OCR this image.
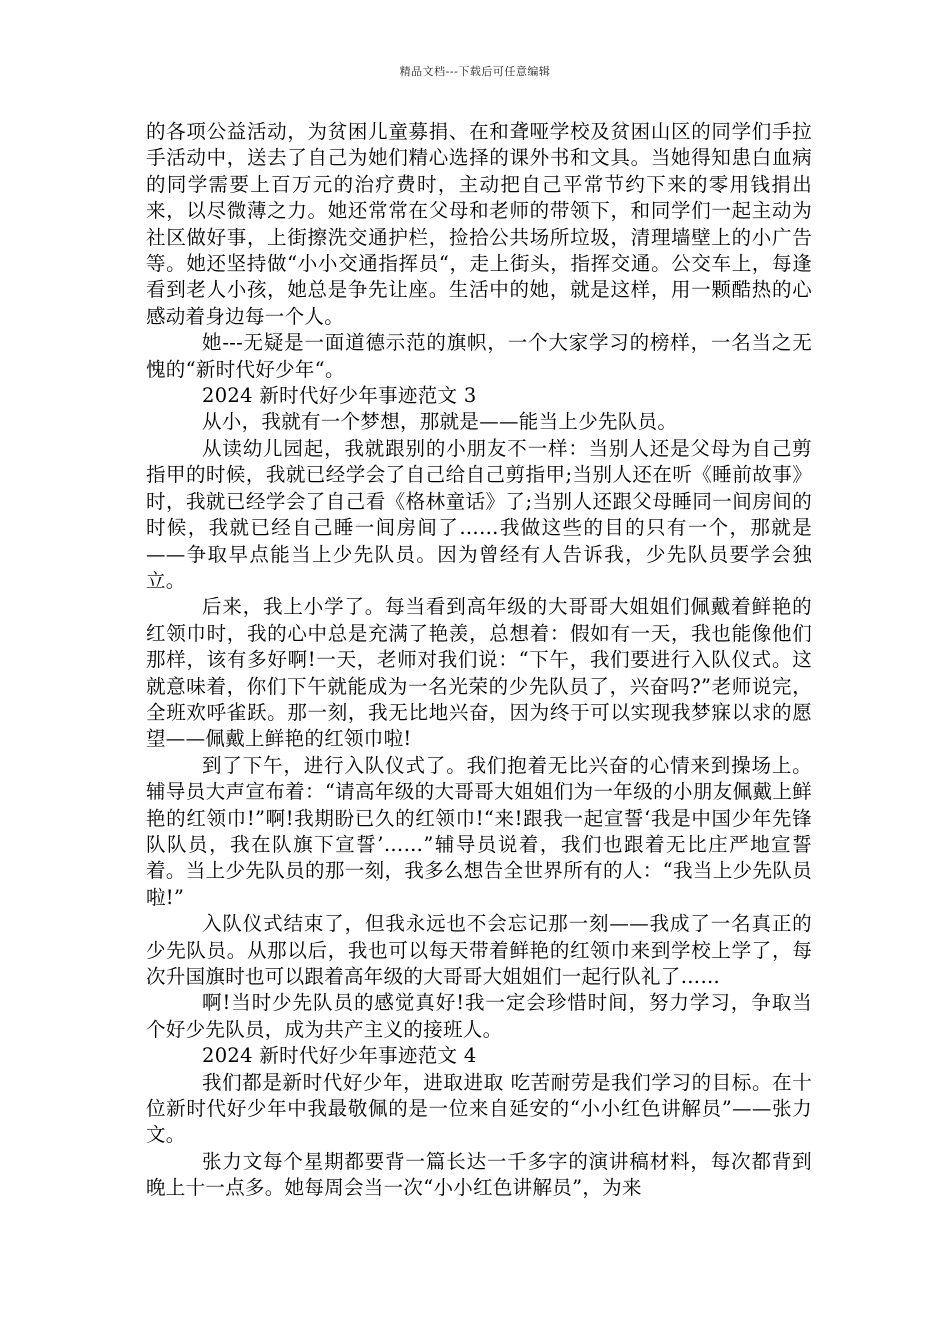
精品文档---下载后可任意编辑

的各项公益活动，为贫困儿童募捐、在和聋哑学校及贫困山区的同学们手拉手活动中，送去了自己为她们精心选择的课外书和文具。当她得知患白血病的同学需要上百万元的治疗费时，主动把自己平常节约下来的零用钱捐出来，以尽微薄之力。她还常常在父母和老师的带领下，和同学们一起主动为社区做好事，上街擦洗交通护栏，捡拾公共场所垃圾，清理墙壁上的小广告等。她还坚持做“小小交通指挥员“，走上街头，指挥交通。公交车上，每逢看到老人小孩，她总是争先让座。生活中的她，就是这样，用一颗酷热的心感动着身边每一个人。

她---无疑是一面道德示范的旗帜，一个大家学习的榜样，一名当之无愧的“新时代好少年“。

2024 新时代好少年事迹范文 3

从小，我就有一个梦想，那就是——能当上少先队员。

从读幼儿园起，我就跟别的小朋友不一样：当别人还是父母为自己剪指甲的时候，我就已经学会了自己给自己剪指甲;当别人还在听《睡前故事》时，我就已经学会了自己看《格林童话》了;当别人还跟父母睡同一间房间的时候，我就已经自己睡一间房间了……我做这些的目的只有一个，那就是——争取早点能当上少先队员。因为曾经有人告诉我，少先队员要学会独立。

后来，我上小学了。每当看到高年级的大哥哥大姐姐们佩戴着鲜艳的红领巾时，我的心中总是充满了艳羡，总想着：假如有一天，我也能像他们那样，该有多好啊!一天，老师对我们说：“下午，我们要进行入队仪式。这就意味着，你们下午就能成为一名光荣的少先队员了，兴奋吗?”老师说完，全班欢呼雀跃。那一刻，我无比地兴奋，因为终于可以实现我梦寐以求的愿望——佩戴上鲜艳的红领巾啦!

到了下午，进行入队仪式了。我们抱着无比兴奋的心情来到操场上。辅导员大声宣布着：“请高年级的大哥哥大姐姐们为一年级的小朋友佩戴上鲜艳的红领巾!”啊!我期盼已久的红领巾!“来!跟我一起宣誓‘我是中国少年先锋队队员，我在队旗下宣誓’……”辅导员说着，我们也跟着无比庄严地宣誓着。当上少先队员的那一刻，我多么想告全世界所有的人：“我当上少先队员啦!”

入队仪式结束了，但我永远也不会忘记那一刻——我成了一名真正的少先队员。从那以后，我也可以每天带着鲜艳的红领巾来到学校上学了，每次升国旗时也可以跟着高年级的大哥哥大姐姐们一起行队礼了……

啊!当时少先队员的感觉真好!我一定会珍惜时间，努力学习，争取当个好少先队员，成为共产主义的接班人。

2024 新时代好少年事迹范文 4

我们都是新时代好少年，进取进取 吃苦耐劳是我们学习的目标。在十位新时代好少年中我最敬佩的是一位来自延安的“小小红色讲解员”——张力文。

张力文每个星期都要背一篇长达一千多字的演讲稿材料，每次都背到晚上十一点多。她每周会当一次“小小红色讲解员”，为来
